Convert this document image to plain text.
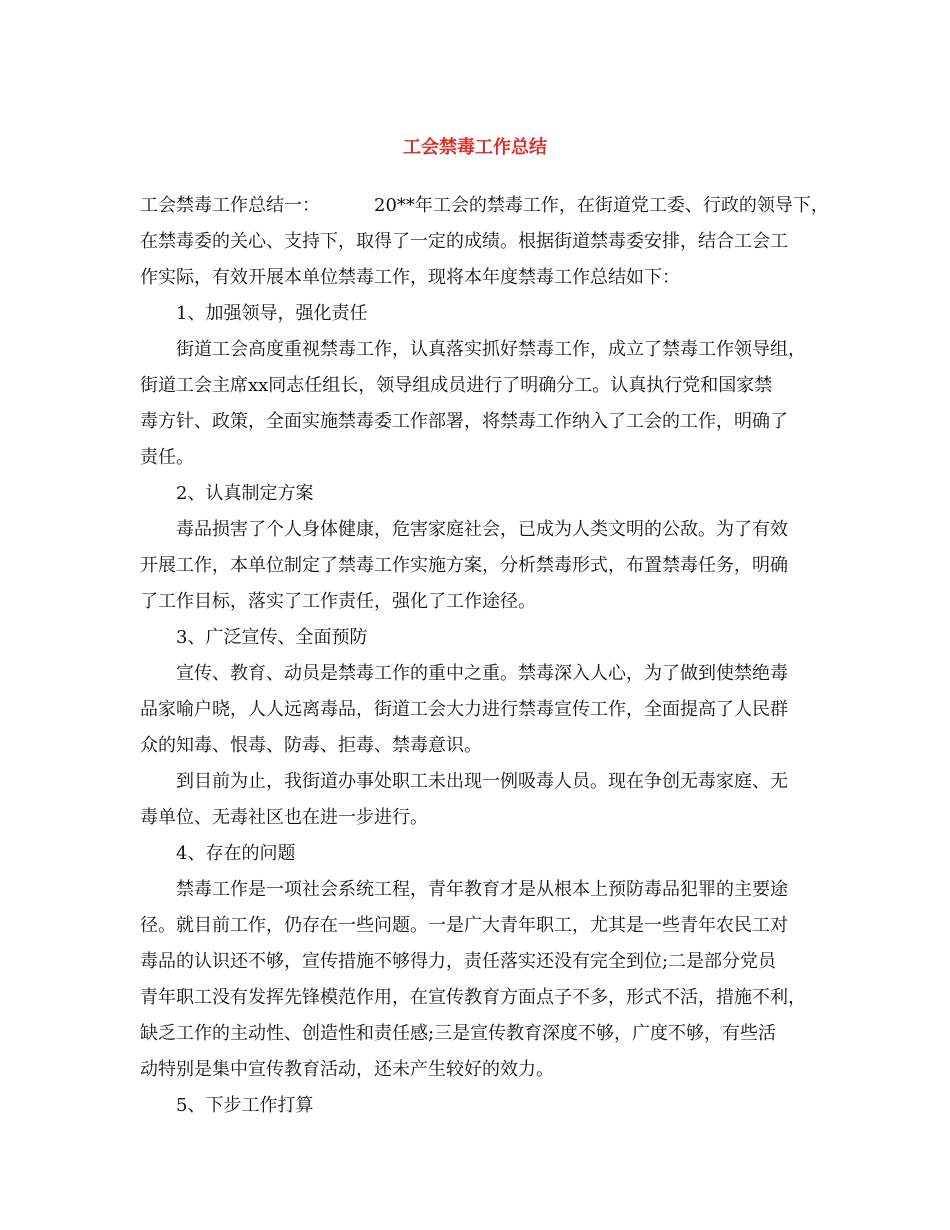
工会禁毒工作总结
工会禁毒工作总结一：	20**年工会的禁毒工作，在街道党工委、行政的领导下，
在禁毒委的关心、支持下，取得了一定的成绩。根据街道禁毒委安排，结合工会工
作实际，有效开展本单位禁毒工作，现将本年度禁毒工作总结如下：
1、加强领导，强化责任
街道工会高度重视禁毒工作，认真落实抓好禁毒工作，成立了禁毒工作领导组，
街道工会主席xx同志任组长，领导组成员进行了明确分工。认真执行党和国家禁
毒方针、政策，全面实施禁毒委工作部署，将禁毒工作纳入了工会的工作，明确了
责任。
2、认真制定方案
毒品损害了个人身体健康，危害家庭社会，已成为人类文明的公敌。为了有效
开展工作，本单位制定了禁毒工作实施方案，分析禁毒形式，布置禁毒任务，明确
了工作目标，落实了工作责任，强化了工作途径。
3、广泛宣传、全面预防
宣传、教育、动员是禁毒工作的重中之重。禁毒深入人心，为了做到使禁绝毒
品家喻户晓，人人远离毒品，街道工会大力进行禁毒宣传工作，全面提高了人民群
众的知毒、恨毒、防毒、拒毒、禁毒意识。
到目前为止，我街道办事处职工未出现一例吸毒人员。现在争创无毒家庭、无
毒单位、无毒社区也在进一步进行。
4、存在的问题
禁毒工作是一项社会系统工程，青年教育才是从根本上预防毒品犯罪的主要途
径。就目前工作，仍存在一些问题。一是广大青年职工，尤其是一些青年农民工对
毒品的认识还不够，宣传措施不够得力，责任落实还没有完全到位;二是部分党员
青年职工没有发挥先锋模范作用，在宣传教育方面点子不多，形式不活，措施不利，
缺乏工作的主动性、创造性和责任感;三是宣传教育深度不够，广度不够，有些活
动特别是集中宣传教育活动，还未产生较好的效力。
5、下步工作打算
